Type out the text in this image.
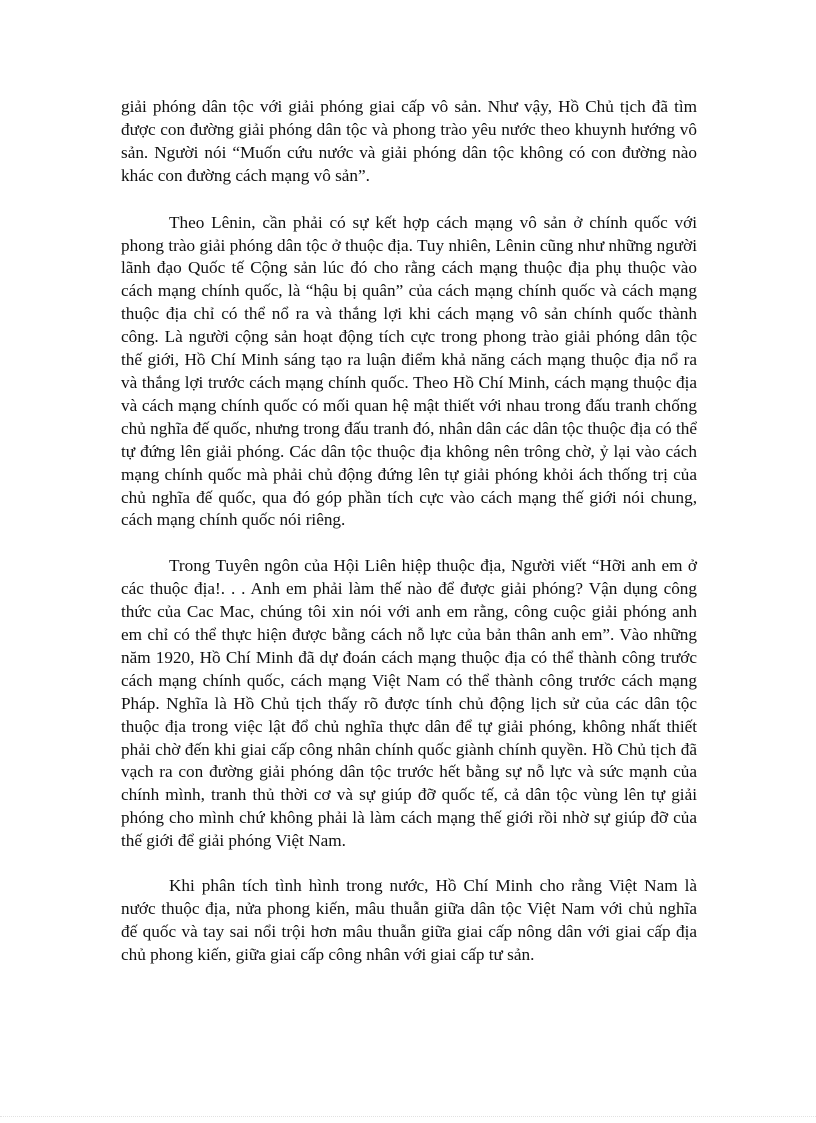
giải phóng dân tộc với giải phóng giai cấp vô sản. Như vậy, Hồ Chủ tịch đã tìm được con đường giải phóng dân tộc và phong trào yêu nước theo khuynh hướng vô sản. Người nói “Muốn cứu nước và giải phóng dân tộc không có con đường nào khác con đường cách mạng vô sản”.

Theo Lênin, cần phải có sự kết hợp cách mạng vô sản ở chính quốc với phong trào giải phóng dân tộc ở thuộc địa. Tuy nhiên, Lênin cũng như những người lãnh đạo Quốc tế Cộng sản lúc đó cho rằng cách mạng thuộc địa phụ thuộc vào cách mạng chính quốc, là “hậu bị quân” của cách mạng chính quốc và cách mạng thuộc địa chỉ có thể nổ ra và thắng lợi khi cách mạng vô sản chính quốc thành công. Là người cộng sản hoạt động tích cực trong phong trào giải phóng dân tộc thế giới, Hồ Chí Minh sáng tạo ra luận điểm khả năng cách mạng thuộc địa nổ ra và thắng lợi trước cách mạng chính quốc. Theo Hồ Chí Minh, cách mạng thuộc địa và cách mạng chính quốc có mối quan hệ mật thiết với nhau trong đấu tranh chống chủ nghĩa đế quốc, nhưng trong đấu tranh đó, nhân dân các dân tộc thuộc địa có thể tự đứng lên giải phóng. Các dân tộc thuộc địa không nên trông chờ, ỷ lại vào cách mạng chính quốc mà phải chủ động đứng lên tự giải phóng khỏi ách thống trị của chủ nghĩa đế quốc, qua đó góp phần tích cực vào cách mạng thế giới nói chung, cách mạng chính quốc nói riêng.

Trong Tuyên ngôn của Hội Liên hiệp thuộc địa, Người viết “Hỡi anh em ở các thuộc địa!. . . Anh em phải làm thế nào để được giải phóng? Vận dụng công thức của Cac Mac, chúng tôi xin nói với anh em rằng, công cuộc giải phóng anh em chỉ có thể thực hiện được bằng cách nỗ lực của bản thân anh em”. Vào những năm 1920, Hồ Chí Minh đã dự đoán cách mạng thuộc địa có thể thành công trước cách mạng chính quốc, cách mạng Việt Nam có thể thành công trước cách mạng Pháp. Nghĩa là Hồ Chủ tịch thấy rõ được tính chủ động lịch sử của các dân tộc thuộc địa trong việc lật đổ chủ nghĩa thực dân để tự giải phóng, không nhất thiết phải chờ đến khi giai cấp công nhân chính quốc giành chính quyền. Hồ Chủ tịch đã vạch ra con đường giải phóng dân tộc trước hết bằng sự nỗ lực và sức mạnh của chính mình, tranh thủ thời cơ và sự giúp đỡ quốc tế, cả dân tộc vùng lên tự giải phóng cho mình chứ không phải là làm cách mạng thế giới rồi nhờ sự giúp đỡ của thế giới để giải phóng Việt Nam.

Khi phân tích tình hình trong nước, Hồ Chí Minh cho rằng Việt Nam là nước thuộc địa, nửa phong kiến, mâu thuẫn giữa dân tộc Việt Nam với chủ nghĩa đế quốc và tay sai nổi trội hơn mâu thuẫn giữa giai cấp nông dân với giai cấp địa chủ phong kiến, giữa giai cấp công nhân với giai cấp tư sản.
